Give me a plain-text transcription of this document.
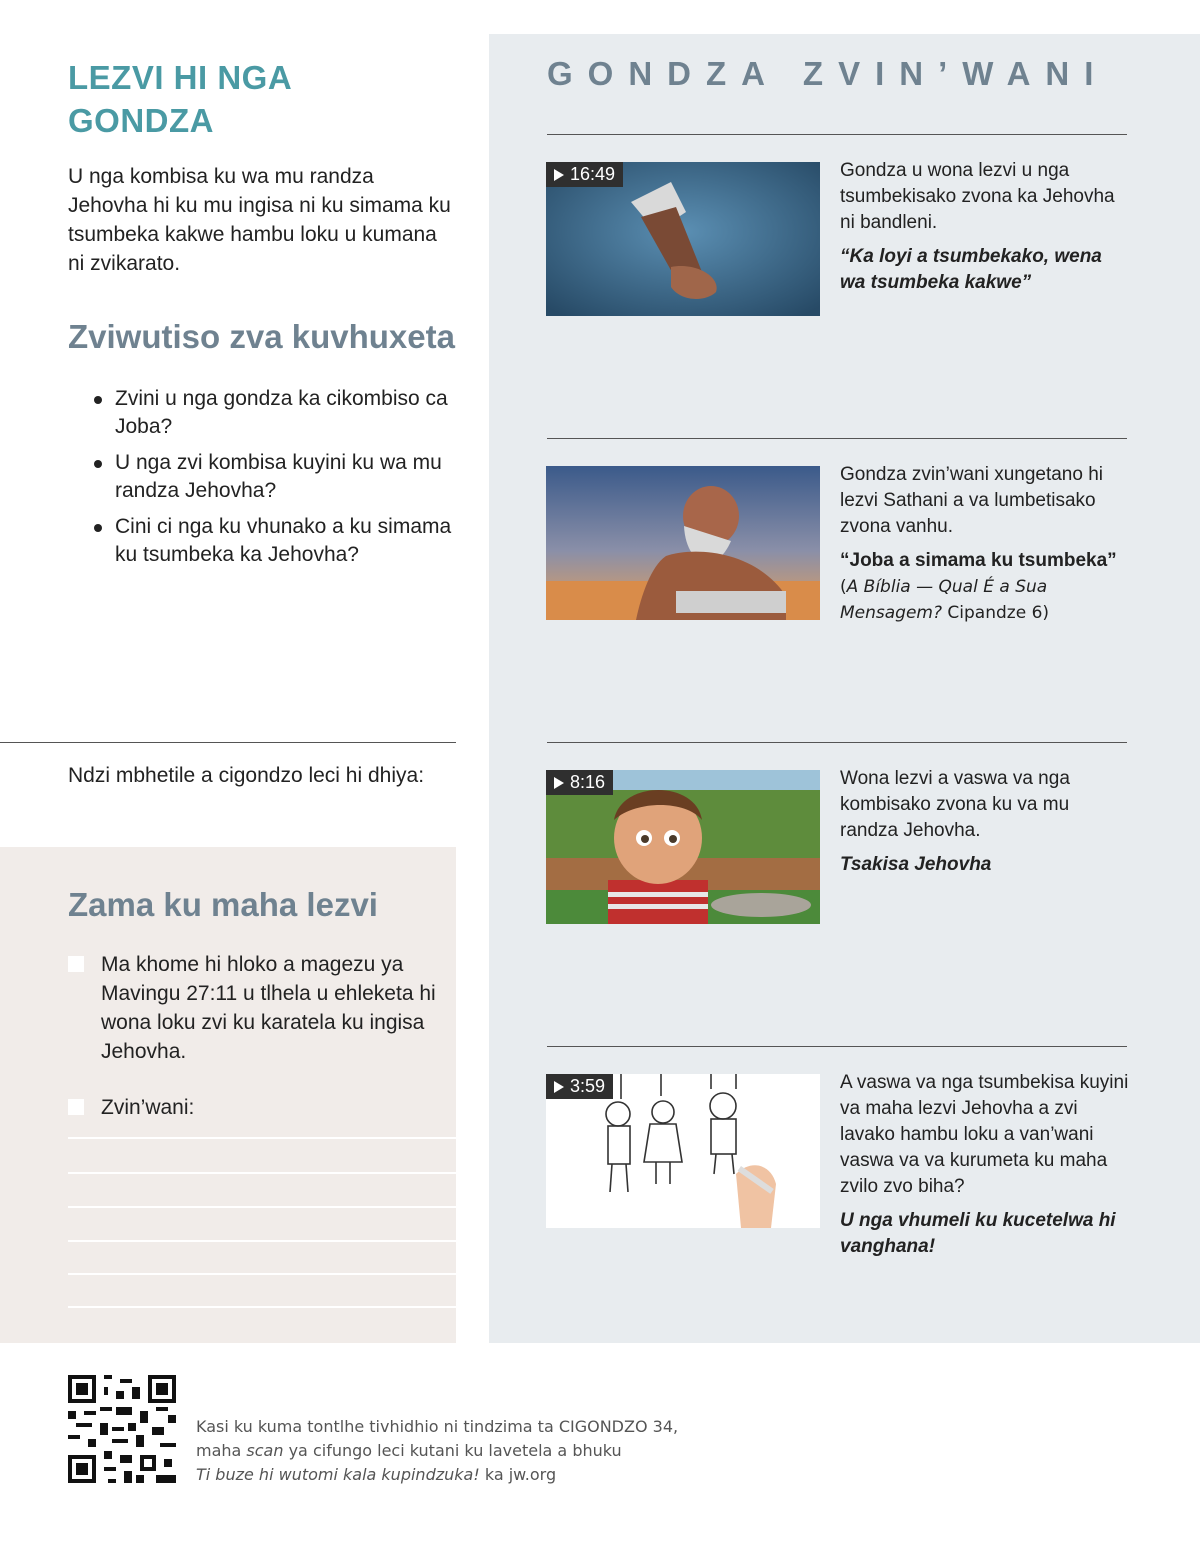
LEZVI HI NGA
GONDZA

U nga kombisa ku wa mu randza Jehovha hi ku mu ingisa ni ku simama ku tsumbeka kakwe hambu loku u kumana ni zvikarato.

Zviwutiso zva kuvhuxeta
Zvini u nga gondza ka cikombiso ca Joba?
U nga zvi kombisa kuyini ku wa mu randza Jehovha?
Cini ci nga ku vhunako a ku simama ku tsumbeka ka Jehovha?

Ndzi mbhetile a cigondzo leci hi dhiya:

Zama ku maha lezvi
Ma khome hi hloko a magezu ya Mavingu 27:11 u tlhela u ehleketa hi wona loku zvi ku karatela ku ingisa Jehovha.
Zvin’wani:
GONDZA ZVIN’WANI
16:49	Gondza u wona lezvi u nga tsumbekisako zvona ka Jehovha ni bandleni.

“Ka loyi a tsumbekako, wena wa tsumbeka kakwe”

Gondza zvin’wani xungetano hi lezvi Sathani a va lumbetisako zvona vanhu.

“Joba a simama ku tsumbeka”

(A Bíblia — Qual É a Sua Mensagem? Cipandze 6)

8:16	Wona lezvi a vaswa va nga kombisako zvona ku va mu randza Jehovha.

Tsakisa Jehovha

3:59	A vaswa va nga tsumbekisa kuyini va maha lezvi Jehovha a zvi lavako hambu loku a van’wani vaswa va va kurumeta ku maha zvilo zvo biha?

U nga vhumeli ku kucetelwa hi vanghana!

Kasi ku kuma tontlhe tivhidhio ni tindzima ta CIGONDZO 34,
maha scan ya cifungo leci kutani ku lavetela a bhuku
Ti buze hi wutomi kala kupindzuka! ka jw.org
